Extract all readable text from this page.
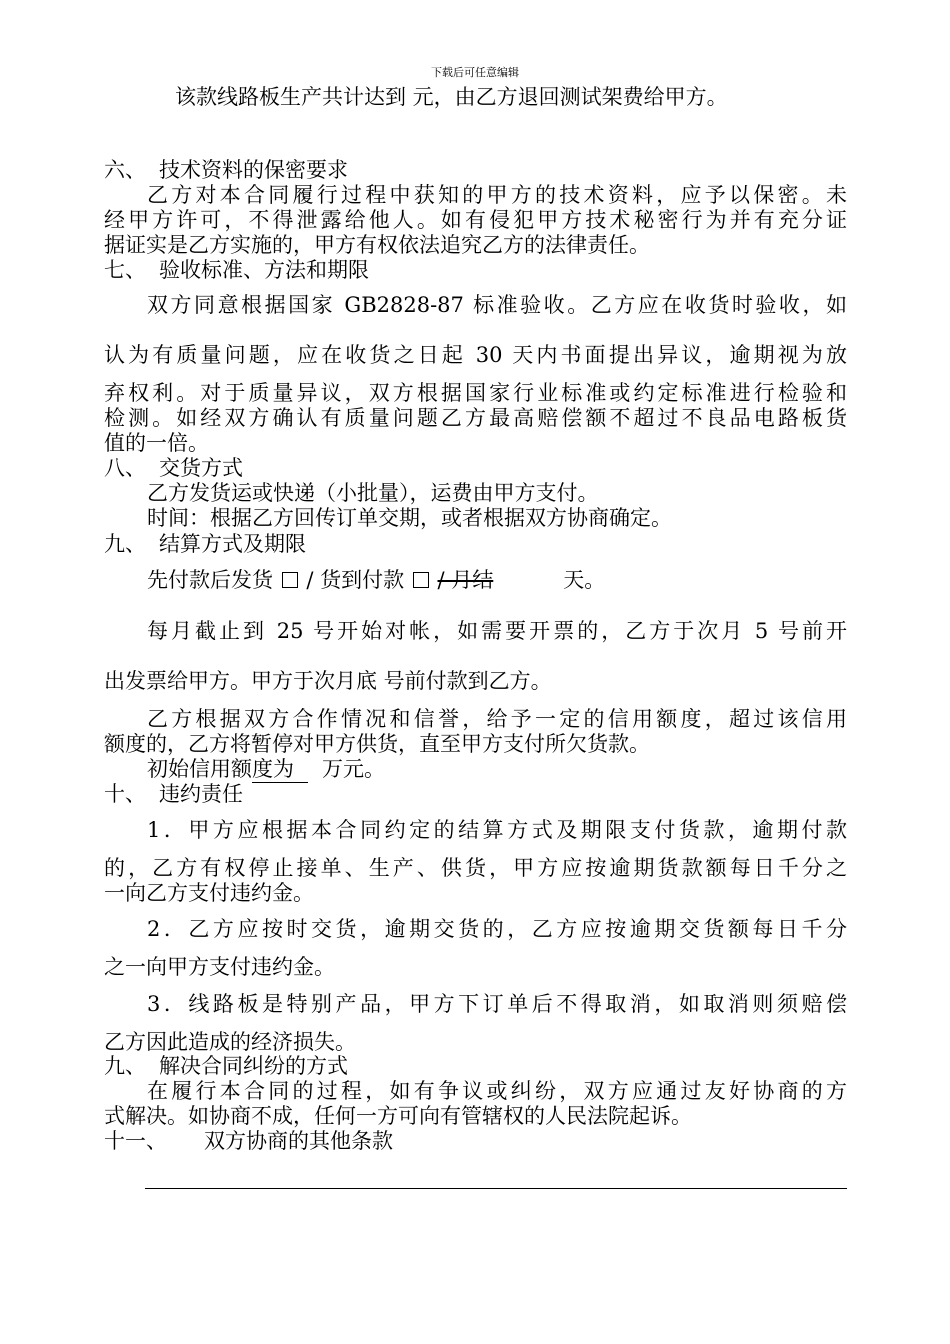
下载后可任意编辑
该款线路板生产共计达到 元，由乙方退回测试架费给甲方。
六、 技术资料的保密要求
乙方对本合同履行过程中获知的甲方的技术资料，应予以保密。未
经甲方许可，不得泄露给他人。如有侵犯甲方技术秘密行为并有充分证
据证实是乙方实施的，甲方有权依法追究乙方的法律责任。
七、 验收标准、方法和期限
双方同意根据国家 GB2828-87 标准验收。乙方应在收货时验收，如
认为有质量问题，应在收货之日起 30 天内书面提出异议，逾期视为放
弃权利。对于质量异议，双方根据国家行业标准或约定标准进行检验和
检测。如经双方确认有质量问题乙方最高赔偿额不超过不良品电路板货
值的一倍。
八、 交货方式
乙方发货运或快递（小批量），运费由甲方支付。
时间：根据乙方回传订单交期，或者根据双方协商确定。
九、 结算方式及期限
先付款后发货 / 货到付款 / 月结	天。
每月截止到 25 号开始对帐，如需要开票的，乙方于次月 5 号前开
出发票给甲方。甲方于次月底 号前付款到乙方。
乙方根据双方合作情况和信誉，给予一定的信用额度，超过该信用
额度的，乙方将暂停对甲方供货，直至甲方支付所欠货款。
初始信用额度为 万元。
十、 违约责任
1．甲方应根据本合同约定的结算方式及期限支付货款，逾期付款
的，乙方有权停止接单、生产、供货，甲方应按逾期货款额每日千分之
一向乙方支付违约金。
2．乙方应按时交货，逾期交货的，乙方应按逾期交货额每日千分
之一向甲方支付违约金。
3．线路板是特别产品，甲方下订单后不得取消，如取消则须赔偿
乙方因此造成的经济损失。
九、 解决合同纠纷的方式
在履行本合同的过程，如有争议或纠纷，双方应通过友好协商的方
式解决。如协商不成，任何一方可向有管辖权的人民法院起诉。
十一、 双方协商的其他条款
